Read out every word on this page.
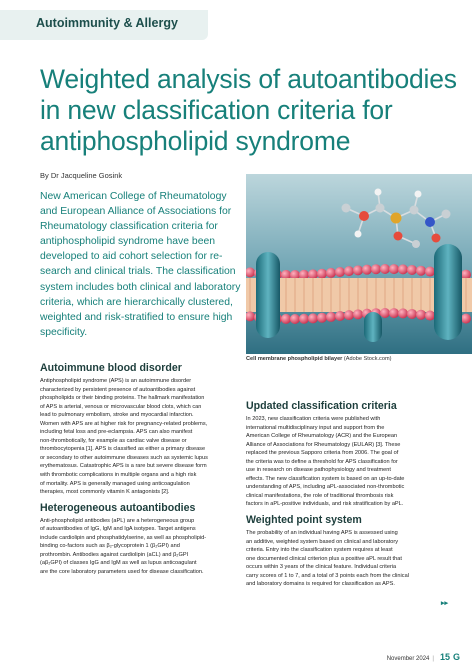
Autoimmunity & Allergy
Weighted analysis of autoantibodies
in new classification criteria for
antiphospholipid syndrome
By Dr Jacqueline Gosink
New American College of Rheumatology
and European Alliance of Associations for
Rheumatology classification criteria for
antiphospholipid syndrome have been
developed to aid cohort selection for re-
search and clinical trials. The classification
system includes both clinical and laboratory
criteria, which are hierarchically clustered,
weighted and risk-stratified to ensure high
specificity.
Cell membrane phospholipid bilayer (Adobe Stock.com)
Autoimmune blood disorder
Antiphospholipid syndrome (APS) is an autoimmune disorder
characterized by persistent presence of autoantibodies against
phospholipids or their binding proteins. The hallmark manifestation
of APS is arterial, venous or microvascular blood clots, which can
lead to pulmonary embolism, stroke and myocardial infarction.
Women with APS are at higher risk for pregnancy-related problems,
including fetal loss and pre-eclampsia. APS can also manifest
non-thrombotically, for example as cardiac valve disease or
thrombocytopenia [1]. APS is classified as either a primary disease
or secondary to other autoimmune diseases such as systemic lupus
erythematosus. Catastrophic APS is a rare but severe disease form
with thrombotic complications in multiple organs and a high risk
of mortality. APS is generally managed using anticoagulation
therapies, most commonly vitamin K antagonists [2].
Heterogeneous autoantibodies
Anti-phospholipid antibodies (aPL) are a heterogeneous group
of autoantibodies of IgG, IgM and IgA isotypes. Target antigens
include cardiolipin and phosphatidylserine, as well as phospholipid-
binding co-factors such as β₂-glycoprotein 1 (β₂GPI) and
prothrombin. Antibodies against cardiolipin (aCL) and β₂GPI
(aβ₂GPI) of classes IgG and IgM as well as lupus anticoagulant
are the core laboratory parameters used for disease classification.
Updated classification criteria
In 2023, new classification criteria were published with
international multidisciplinary input and support from the
American College of Rheumatology (ACR) and the European
Alliance of Associations for Rheumatology (EULAR) [3]. These
replaced the previous Sapporo criteria from 2006. The goal of
the criteria was to define a threshold for APS classification for
use in research on disease pathophysiology and treatment
effects. The new classification system is based on an up-to-date
understanding of APS, including aPL-associated non-thrombotic
clinical manifestations, the role of traditional thrombosis risk
factors in aPL-positive individuals, and risk stratification by aPL.
Weighted point system
The probability of an individual having APS is assessed using
an additive, weighted system based on clinical and laboratory
criteria. Entry into the classification system requires at least
one documented clinical criterion plus a positive aPL result that
occurs within 3 years of the clinical feature. Individual criteria
carry scores of 1 to 7, and a total of 3 points each from the clinical
and laboratory domains is required for classification as APS.
▸▸
November 2024 | 15 G
